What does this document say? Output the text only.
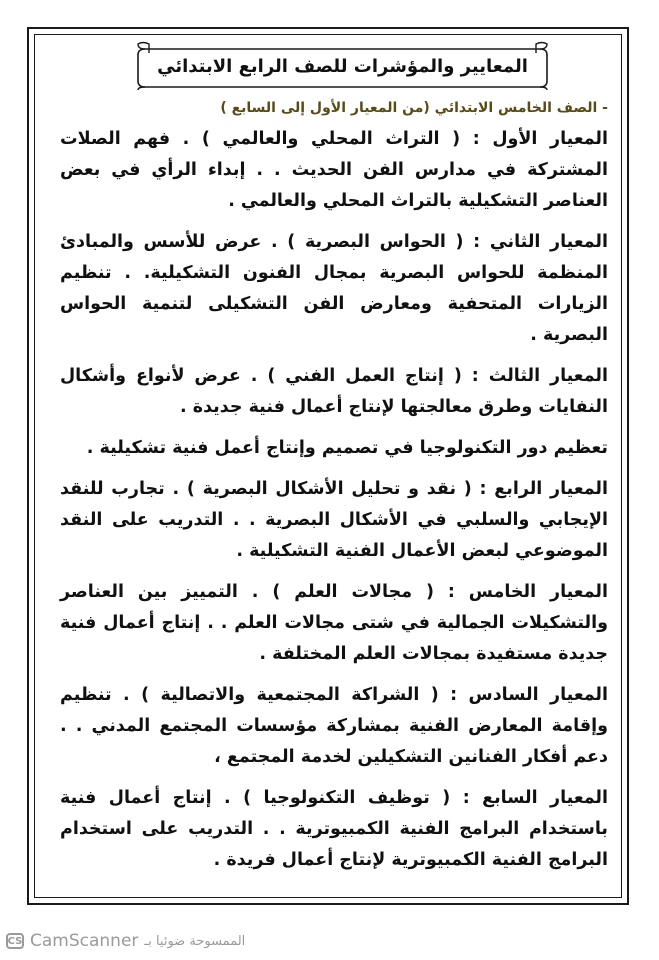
المعايير والمؤشرات للصف الرابع الابتدائي

- الصف الخامس الابتدائي (من المعيار الأول إلى السابع )

المعيار الأول : ( التراث المحلي والعالمي ) . فهم الصلات المشتركة في مدارس الفن الحديث . . إبداء الرأي في بعض العناصر التشكيلية بالتراث المحلي والعالمي .

المعيار الثاني : ( الحواس البصرية ) . عرض للأسس والمبادئ المنظمة للحواس البصرية بمجال الفنون التشكيلية. . تنظيم الزيارات المتحفية ومعارض الفن التشكيلى لتنمية الحواس البصرية .

المعيار الثالث : ( إنتاج العمل الفني ) . عرض لأنواع وأشكال النفايات وطرق معالجتها لإنتاج أعمال فنية جديدة .

تعظيم دور التكنولوجيا في تصميم وإنتاج أعمل فنية تشكيلية .

المعيار الرابع : ( نقد و تحليل الأشكال البصرية ) . تجارب للنقد الإيجابي والسلبي في الأشكال البصرية . . التدريب على النقد الموضوعي لبعض الأعمال الفنية التشكيلية .

المعيار الخامس : ( مجالات العلم ) . التمييز بين العناصر والتشكيلات الجمالية في شتى مجالات العلم . . إنتاج أعمال فنية جديدة مستفيدة بمجالات العلم المختلفة .

المعيار السادس : ( الشراكة المجتمعية والاتصالية ) . تنظيم وإقامة المعارض الفنية بمشاركة مؤسسات المجتمع المدني . . دعم أفكار الفنانين التشكيلين لخدمة المجتمع ،

المعيار السابع : ( توظيف التكنولوجيا ) . إنتاج أعمال فنية باستخدام البرامج الفنية الكمبيوترية . . التدريب على استخدام البرامج الفنية الكمبيوترية لإنتاج أعمال فريدة .

CS CamScanner الممسوحة ضوئيا بـ
